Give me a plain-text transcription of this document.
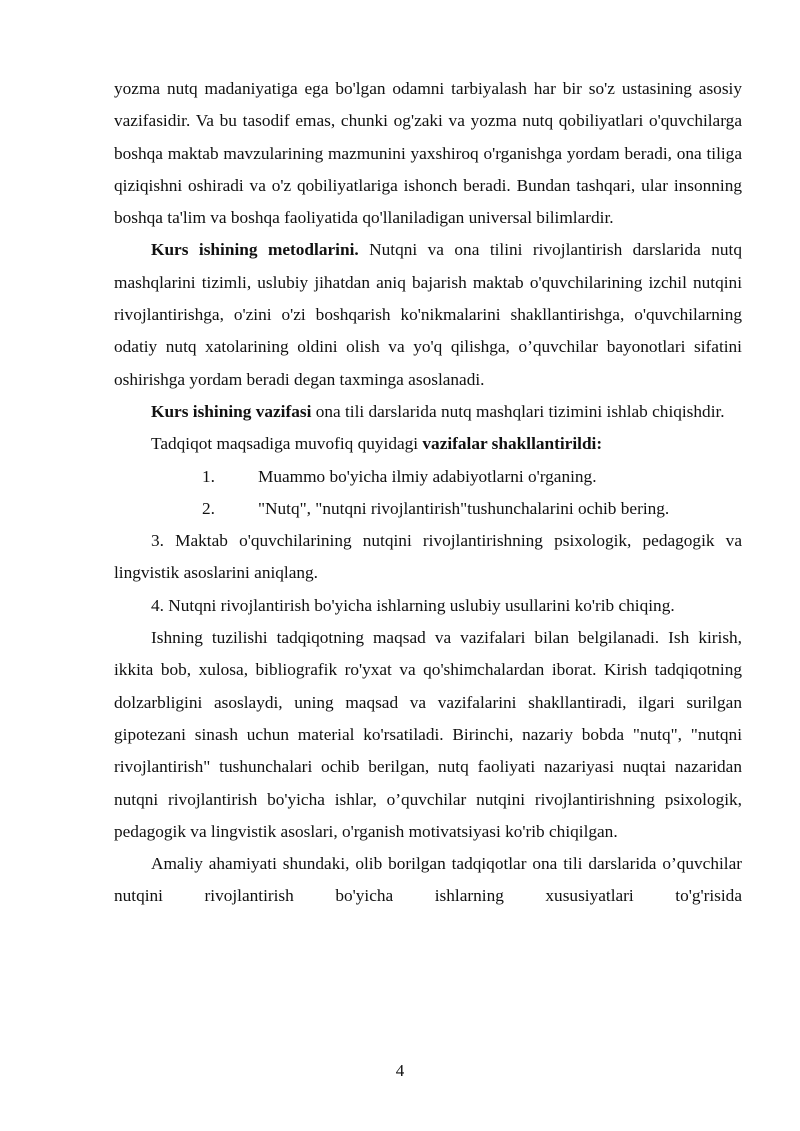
yozma nutq madaniyatiga ega bo'lgan odamni tarbiyalash har bir so'z ustasining asosiy vazifasidir. Va bu tasodif emas, chunki og'zaki va yozma nutq qobiliyatlari o'quvchilarga boshqa maktab mavzularining mazmunini yaxshiroq o'rganishga yordam beradi, ona tiliga qiziqishni oshiradi va o'z qobiliyatlariga ishonch beradi. Bundan tashqari, ular insonning boshqa ta'lim va boshqa faoliyatida qo'llaniladigan universal bilimlardir.

Kurs ishining metodlarini. Nutqni va ona tilini rivojlantirish darslarida nutq mashqlarini tizimli, uslubiy jihatdan aniq bajarish maktab o'quvchilarining izchil nutqini rivojlantirishga, o'zini o'zi boshqarish ko'nikmalarini shakllantirishga, o'quvchilarning odatiy nutq xatolarining oldini olish va yo'q qilishga, o’quvchilar bayonotlari sifatini oshirishga yordam beradi degan taxminga asoslanadi.

Kurs ishining vazifasi ona tili darslarida nutq mashqlari tizimini ishlab chiqishdir.

Tadqiqot maqsadiga muvofiq quyidagi vazifalar shakllantirildi:

1.	Muammo bo'yicha ilmiy adabiyotlarni o'rganing.
2.	"Nutq", "nutqni rivojlantirish"tushunchalarini ochib bering.

3. Maktab o'quvchilarining nutqini rivojlantirishning psixologik, pedagogik va lingvistik asoslarini aniqlang.

4. Nutqni rivojlantirish bo'yicha ishlarning uslubiy usullarini ko'rib chiqing.

Ishning tuzilishi tadqiqotning maqsad va vazifalari bilan belgilanadi. Ish kirish, ikkita bob, xulosa, bibliografik ro'yxat va qo'shimchalardan iborat. Kirish tadqiqotning dolzarbligini asoslaydi, uning maqsad va vazifalarini shakllantiradi, ilgari surilgan gipotezani sinash uchun material ko'rsatiladi. Birinchi, nazariy bobda "nutq", "nutqni rivojlantirish" tushunchalari ochib berilgan, nutq faoliyati nazariyasi nuqtai nazaridan nutqni rivojlantirish bo'yicha ishlar, o’quvchilar nutqini rivojlantirishning psixologik, pedagogik va lingvistik asoslari, o'rganish motivatsiyasi ko'rib chiqilgan.

Amaliy ahamiyati shundaki, olib borilgan tadqiqotlar ona tili darslarida o’quvchilar nutqini rivojlantirish bo'yicha ishlarning xususiyatlari to'g'risida

4
